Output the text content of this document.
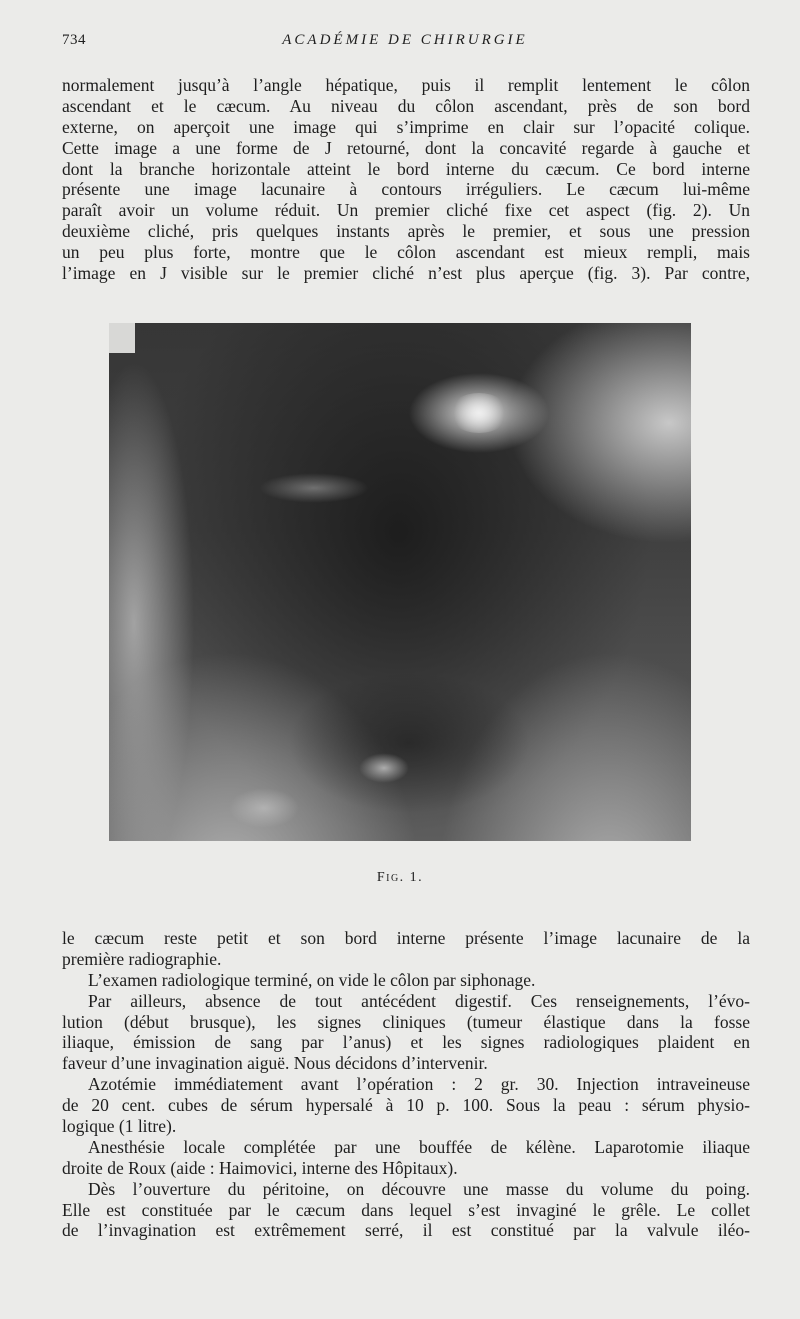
734	ACADÉMIE DE CHIRURGIE
normalement jusqu’à l’angle hépatique, puis il remplit lentement le côlon
ascendant et le cæcum. Au niveau du côlon ascendant, près de son bord
externe, on aperçoit une image qui s’imprime en clair sur l’opacité colique.
Cette image a une forme de J retourné, dont la concavité regarde à gauche et
dont la branche horizontale atteint le bord interne du cæcum. Ce bord interne
présente une image lacunaire à contours irréguliers. Le cæcum lui-même
paraît avoir un volume réduit. Un premier cliché fixe cet aspect (fig. 2). Un
deuxième cliché, pris quelques instants après le premier, et sous une pression
un peu plus forte, montre que le côlon ascendant est mieux rempli, mais
l’image en J visible sur le premier cliché n’est plus aperçue (fig. 3). Par contre,
Fig. 1.
le cæcum reste petit et son bord interne présente l’image lacunaire de la
première radiographie.
L’examen radiologique terminé, on vide le côlon par siphonage.
Par ailleurs, absence de tout antécédent digestif. Ces renseignements, l’évo-
lution (début brusque), les signes cliniques (tumeur élastique dans la fosse
iliaque, émission de sang par l’anus) et les signes radiologiques plaident en
faveur d’une invagination aiguë. Nous décidons d’intervenir.
Azotémie immédiatement avant l’opération : 2 gr. 30. Injection intraveineuse
de 20 cent. cubes de sérum hypersalé à 10 p. 100. Sous la peau : sérum physio-
logique (1 litre).
Anesthésie locale complétée par une bouffée de kélène. Laparotomie iliaque
droite de Roux (aide : Haimovici, interne des Hôpitaux).
Dès l’ouverture du péritoine, on découvre une masse du volume du poing.
Elle est constituée par le cæcum dans lequel s’est invaginé le grêle. Le collet
de l’invagination est extrêmement serré, il est constitué par la valvule iléo-
